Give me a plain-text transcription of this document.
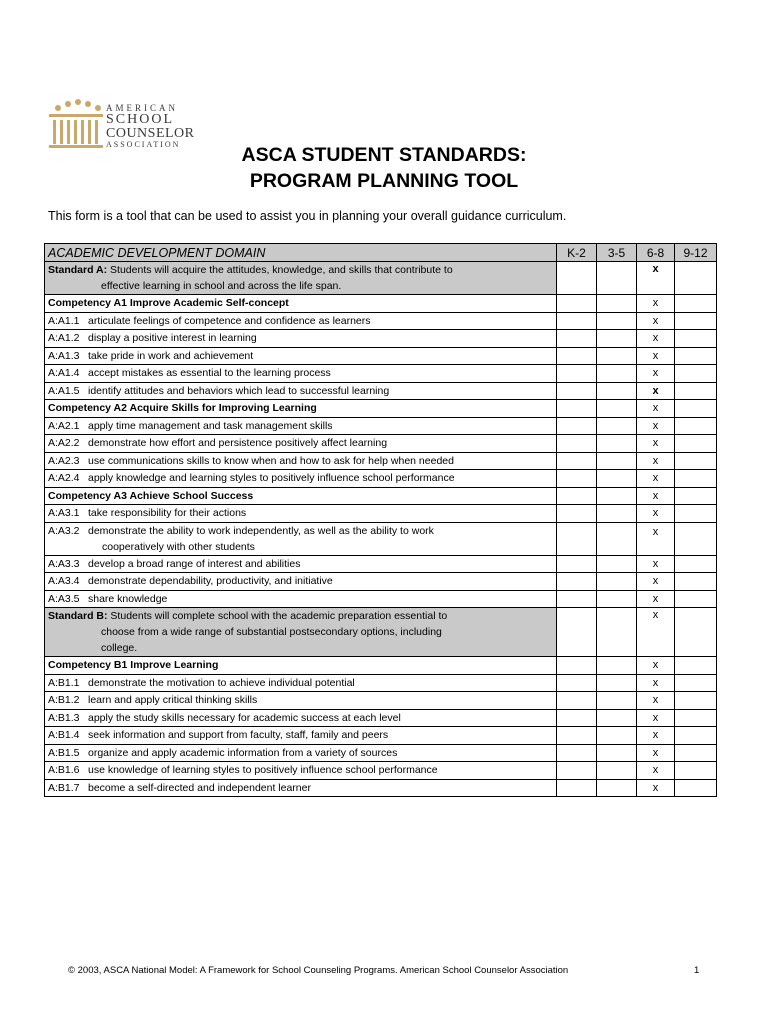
AMERICAN
SCHOOL
COUNSELOR
ASSOCIATION	ASCA STUDENT STANDARDS:
PROGRAM PLANNING TOOL
This form is a tool that can be used to assist you in planning your overall guidance curriculum.
ACADEMIC DEVELOPMENT DOMAIN	K-2	3-5	6-8	9-12
Standard A: Students will acquire the attitudes, knowledge, and skills that contribute to
effective learning in school and across the life span.			x	
Competency A1 Improve Academic Self-concept			x	
A:A1.1 articulate feelings of competence and confidence as learners			x	
A:A1.2 display a positive interest in learning			x	
A:A1.3 take pride in work and achievement			x	
A:A1.4 accept mistakes as essential to the learning process			x	
A:A1.5 identify attitudes and behaviors which lead to successful learning			x	
Competency A2 Acquire Skills for Improving Learning			x	
A:A2.1 apply time management and task management skills			x	
A:A2.2 demonstrate how effort and persistence positively affect learning			x	
A:A2.3 use communications skills to know when and how to ask for help when needed			x	
A:A2.4 apply knowledge and learning styles to positively influence school performance			x	
Competency A3 Achieve School Success			x	
A:A3.1 take responsibility for their actions			x	
A:A3.2 demonstrate the ability to work independently, as well as the ability to work
cooperatively with other students			x	
A:A3.3 develop a broad range of interest and abilities			x	
A:A3.4 demonstrate dependability, productivity, and initiative			x	
A:A3.5 share knowledge			x	
Standard B: Students will complete school with the academic preparation essential to
choose from a wide range of substantial postsecondary options, including
college.			x	
Competency B1 Improve Learning			x	
A:B1.1 demonstrate the motivation to achieve individual potential			x	
A:B1.2 learn and apply critical thinking skills			x	
A:B1.3 apply the study skills necessary for academic success at each level			x	
A:B1.4 seek information and support from faculty, staff, family and peers			x	
A:B1.5 organize and apply academic information from a variety of sources			x	
A:B1.6 use knowledge of learning styles to positively influence school performance			x	
A:B1.7 become a self-directed and independent learner			x	
© 2003, ASCA National Model: A Framework for School Counseling Programs. American School Counselor Association	1
